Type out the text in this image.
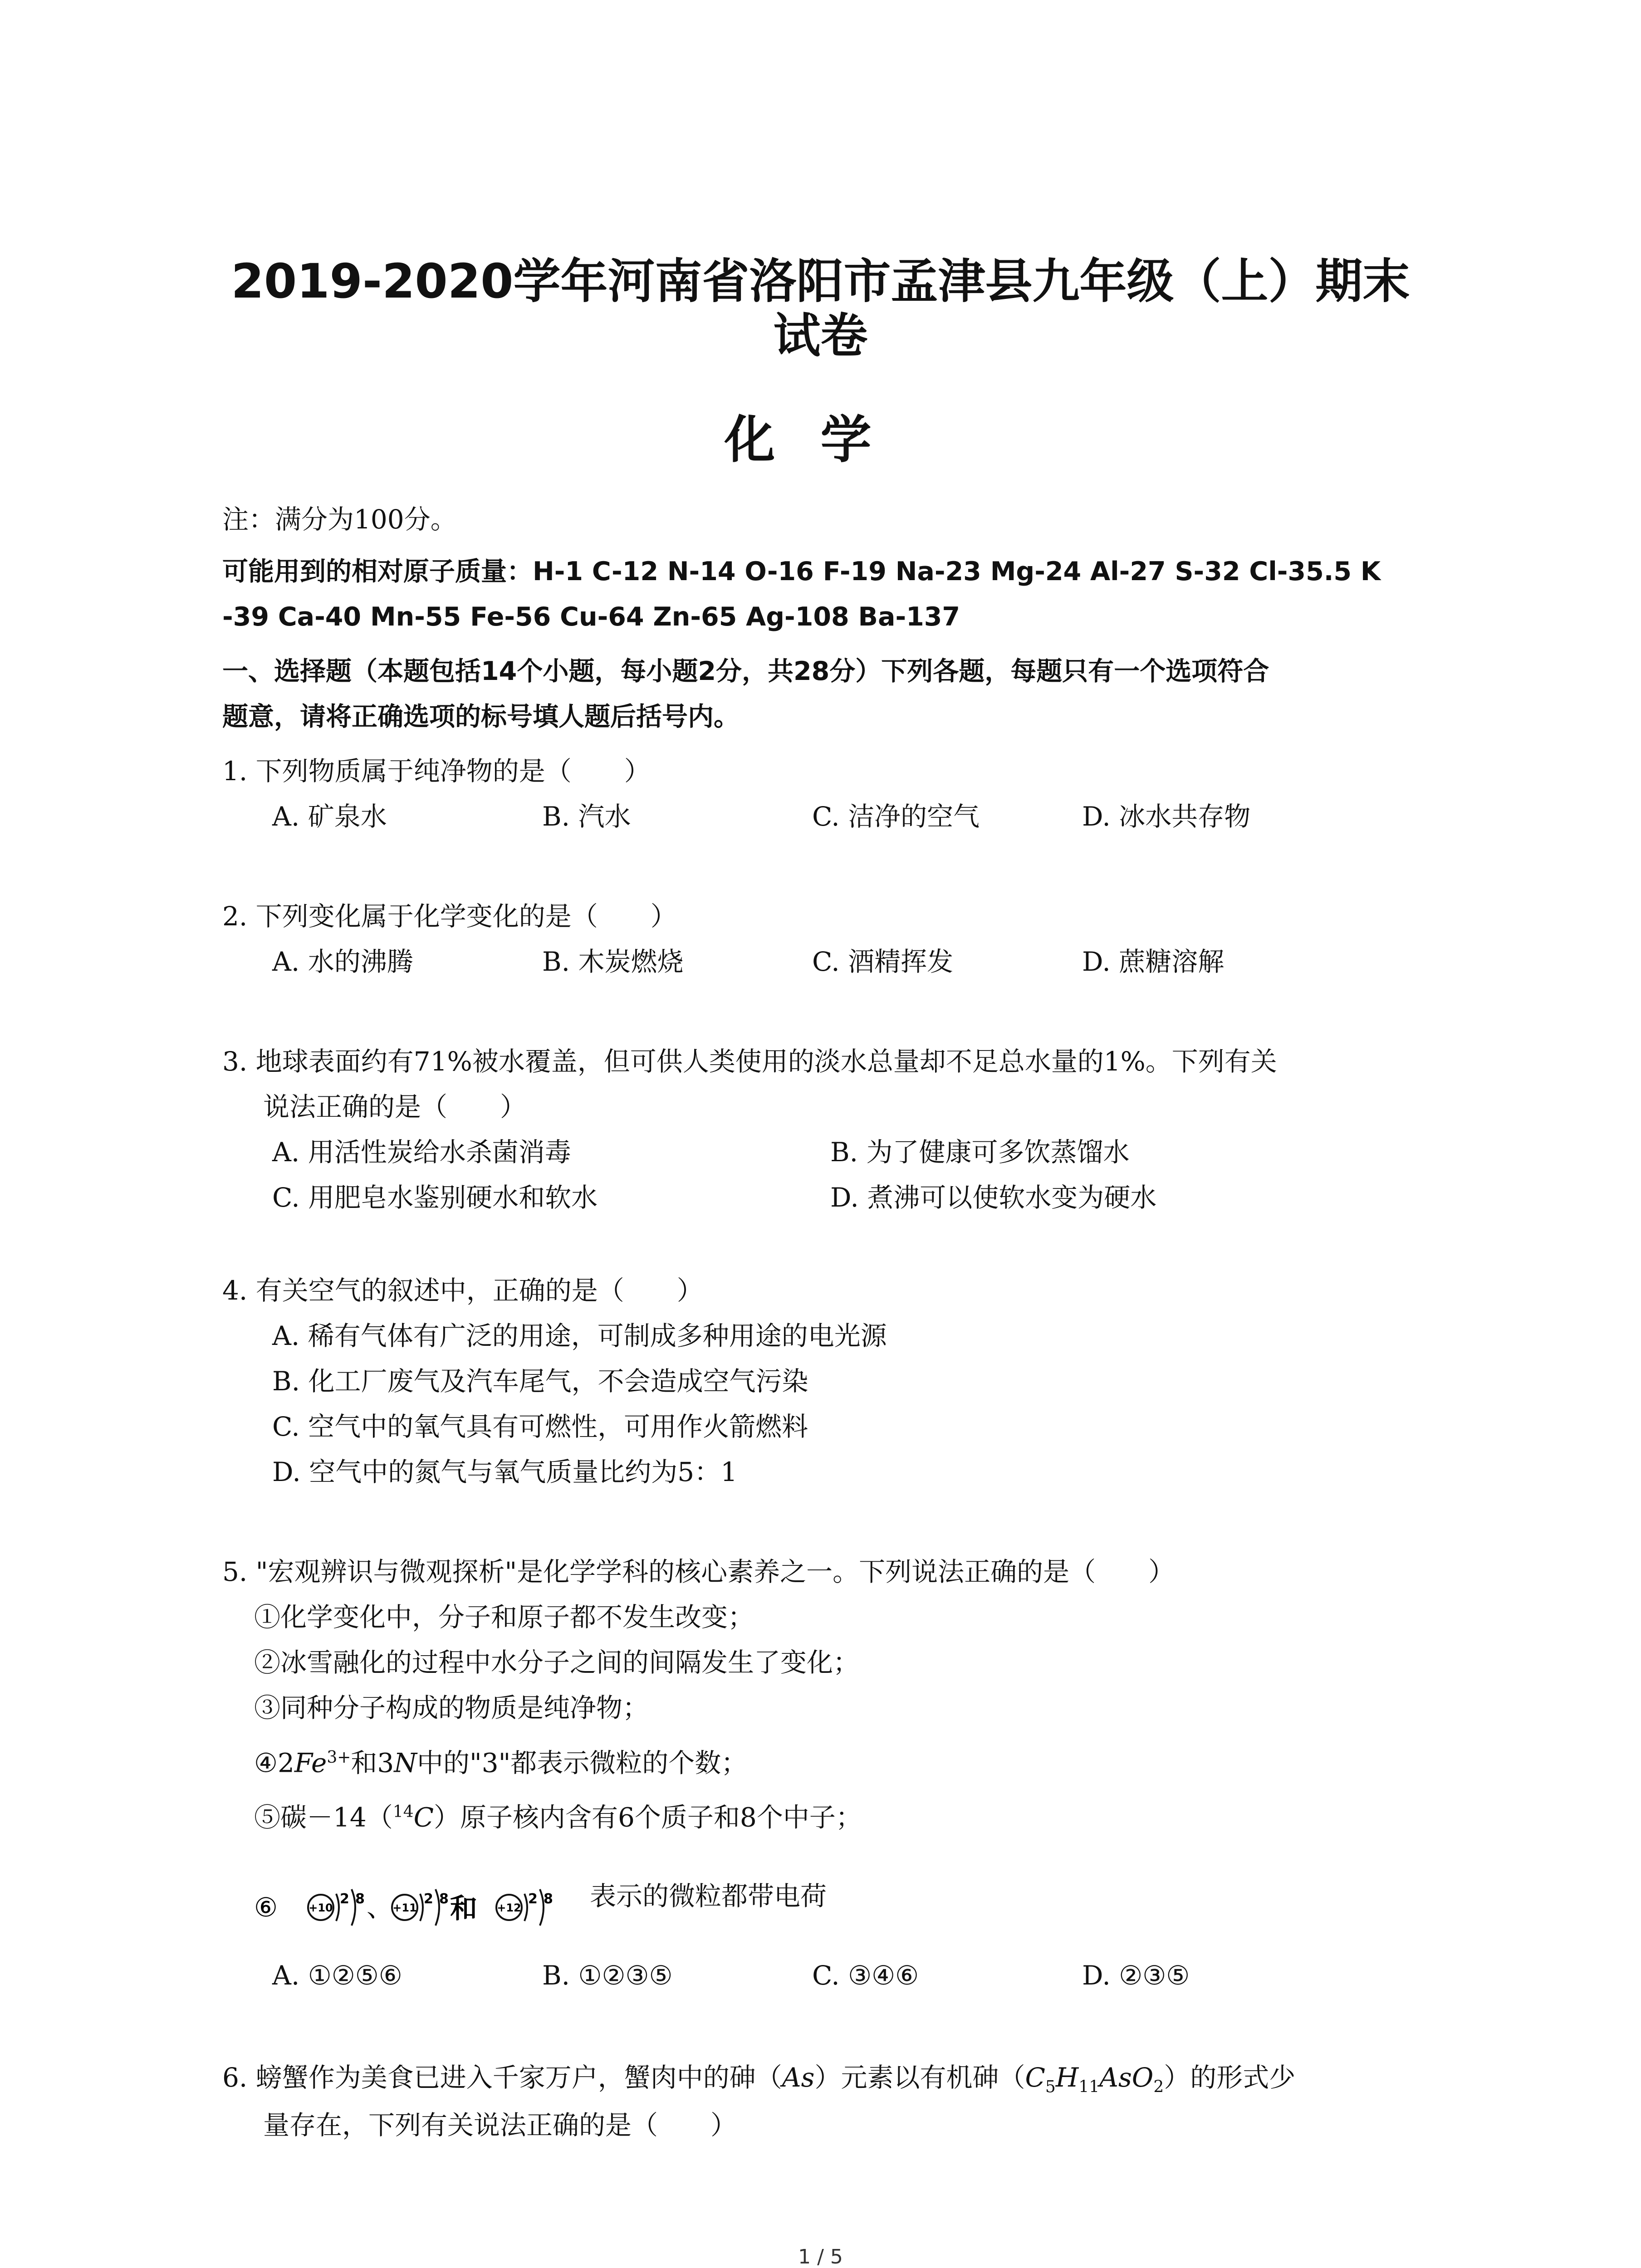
2019-2020学年河南省洛阳市孟津县九年级（上）期末
试卷
化学
注：满分为100分。
可能用到的相对原子质量：H-1 C-12 N-14 O-16 F-19 Na-23 Mg-24 Al-27 S-32 Cl-35.5 K
-39 Ca-40 Mn-55 Fe-56 Cu-64 Zn-65 Ag-108 Ba-137
一、选择题（本题包括14个小题，每小题2分，共28分）下列各题，每题只有一个选项符合
题意，请将正确选项的标号填人题后括号内。
1. 下列物质属于纯净物的是（　　）
A. 矿泉水	B. 汽水	C. 洁净的空气	D. 冰水共存物
2. 下列变化属于化学变化的是（　　）
A. 水的沸腾	B. 木炭燃烧	C. 酒精挥发	D. 蔗糖溶解
3. 地球表面约有71%被水覆盖，但可供人类使用的淡水总量却不足总水量的1%。下列有关
说法正确的是（　　）
A. 用活性炭给水杀菌消毒	B. 为了健康可多饮蒸馏水
C. 用肥皂水鉴别硬水和软水	D. 煮沸可以使软水变为硬水
4. 有关空气的叙述中，正确的是（　　）
A. 稀有气体有广泛的用途，可制成多种用途的电光源
B. 化工厂废气及汽车尾气，不会造成空气污染
C. 空气中的氧气具有可燃性，可用作火箭燃料
D. 空气中的氮气与氧气质量比约为5：1
5. "宏观辨识与微观探析"是化学学科的核心素养之一。下列说法正确的是（　　）
①化学变化中，分子和原子都不发生改变；
②冰雪融化的过程中水分子之间的间隔发生了变化；
③同种分子构成的物质是纯净物；
$④2Fe^{3+}$和3N中的"3"都表示微粒的个数；
⑤碳－14（$^{14}$C）原子核内含有6个质子和8个中子；
⑥	+10
2 8 、 +11
2 8 和 +12
2 8 表示的微粒都带电荷
A. ①②⑤⑥	B. ①②③⑤	C. ③④⑥	D. ②③⑤
6. 螃蟹作为美食已进入千家万户，蟹肉中的砷（As）元素以有机砷$(C_5H_{11}AsO_2)$的形式少
量存在，下列有关说法正确的是（　　）
1 / 5
